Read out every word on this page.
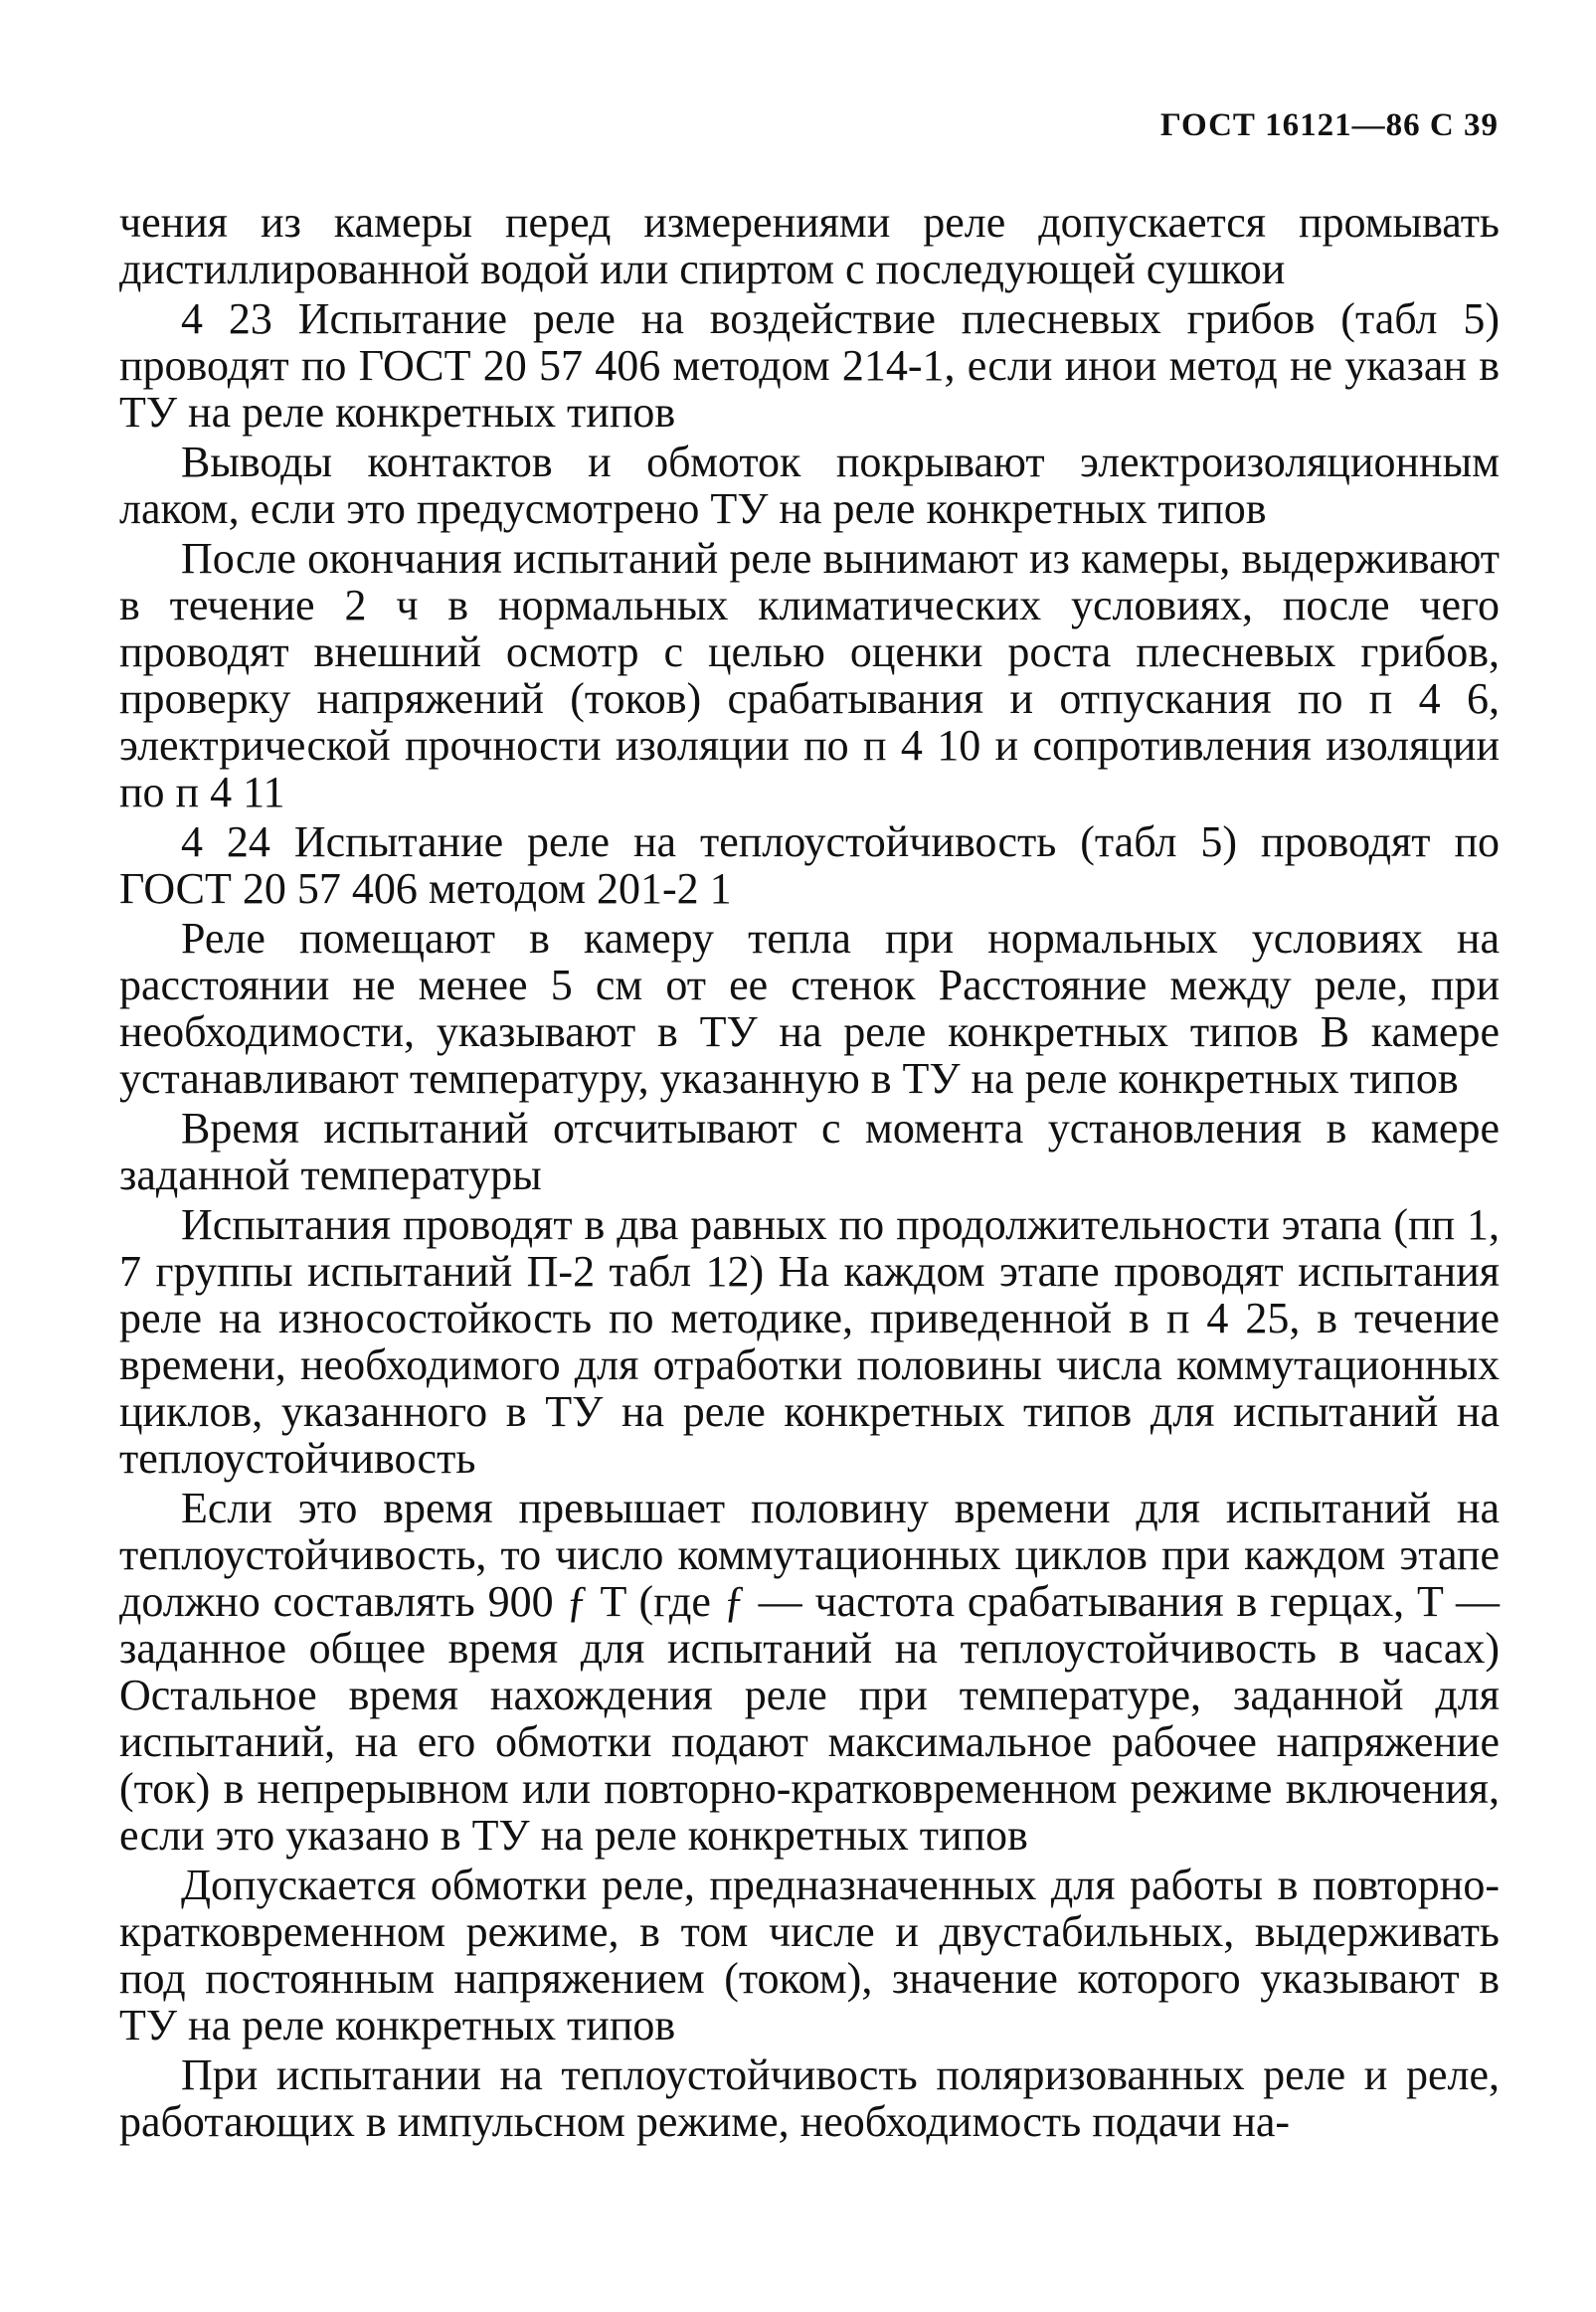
ГОСТ 16121—86 С 39

чения из камеры перед измерениями реле допускается промывать дистиллированной водой или спиртом с последующей сушкои

4 23 Испытание реле на воздействие плесневых грибов (табл 5) проводят по ГОСТ 20 57 406 методом 214-1, если инои метод не указан в ТУ на реле конкретных типов

Выводы контактов и обмоток покрывают электроизоляционным лаком, если это предусмотрено ТУ на реле конкретных типов

После окончания испытаний реле вынимают из камеры, выдерживают в течение 2 ч в нормальных климатических условиях, после чего проводят внешний осмотр с целью оценки роста плесневых грибов, проверку напряжений (токов) срабатывания и отпускания по п 4 6, электрической прочности изоляции по п 4 10 и сопротивления изоляции по п 4 11

4 24 Испытание реле на теплоустойчивость (табл 5) проводят по ГОСТ 20 57 406 методом 201-2 1

Реле помещают в камеру тепла при нормальных условиях на расстоянии не менее 5 см от ее стенок Расстояние между реле, при необходимости, указывают в ТУ на реле конкретных типов В камере устанавливают температуру, указанную в ТУ на реле конкретных типов

Время испытаний отсчитывают с момента установления в камере заданной температуры

Испытания проводят в два равных по продолжительности этапа (пп 1, 7 группы испытаний П-2 табл 12) На каждом этапе проводят испытания реле на износостойкость по методике, приведенной в п 4 25, в течение времени, необходимого для отработки половины числа коммутационных циклов, указанного в ТУ на реле конкретных типов для испытаний на теплоустойчивость

Если это время превышает половину времени для испытаний на теплоустойчивость, то число коммутационных циклов при каждом этапе должно составлять 900 ƒ T (где ƒ — частота срабатывания в герцах, T — заданное общее время для испытаний на теплоустойчивость в часах) Остальное время нахождения реле при температуре, заданной для испытаний, на его обмотки подают максимальное рабочее напряжение (ток) в непрерывном или повторно-кратковременном режиме включения, если это указано в ТУ на реле конкретных типов

Допускается обмотки реле, предназначенных для работы в повторно-кратковременном режиме, в том числе и двустабильных, выдерживать под постоянным напряжением (током), значение которого указывают в ТУ на реле конкретных типов

При испытании на теплоустойчивость поляризованных реле и реле, работающих в импульсном режиме, необходимость подачи на-
